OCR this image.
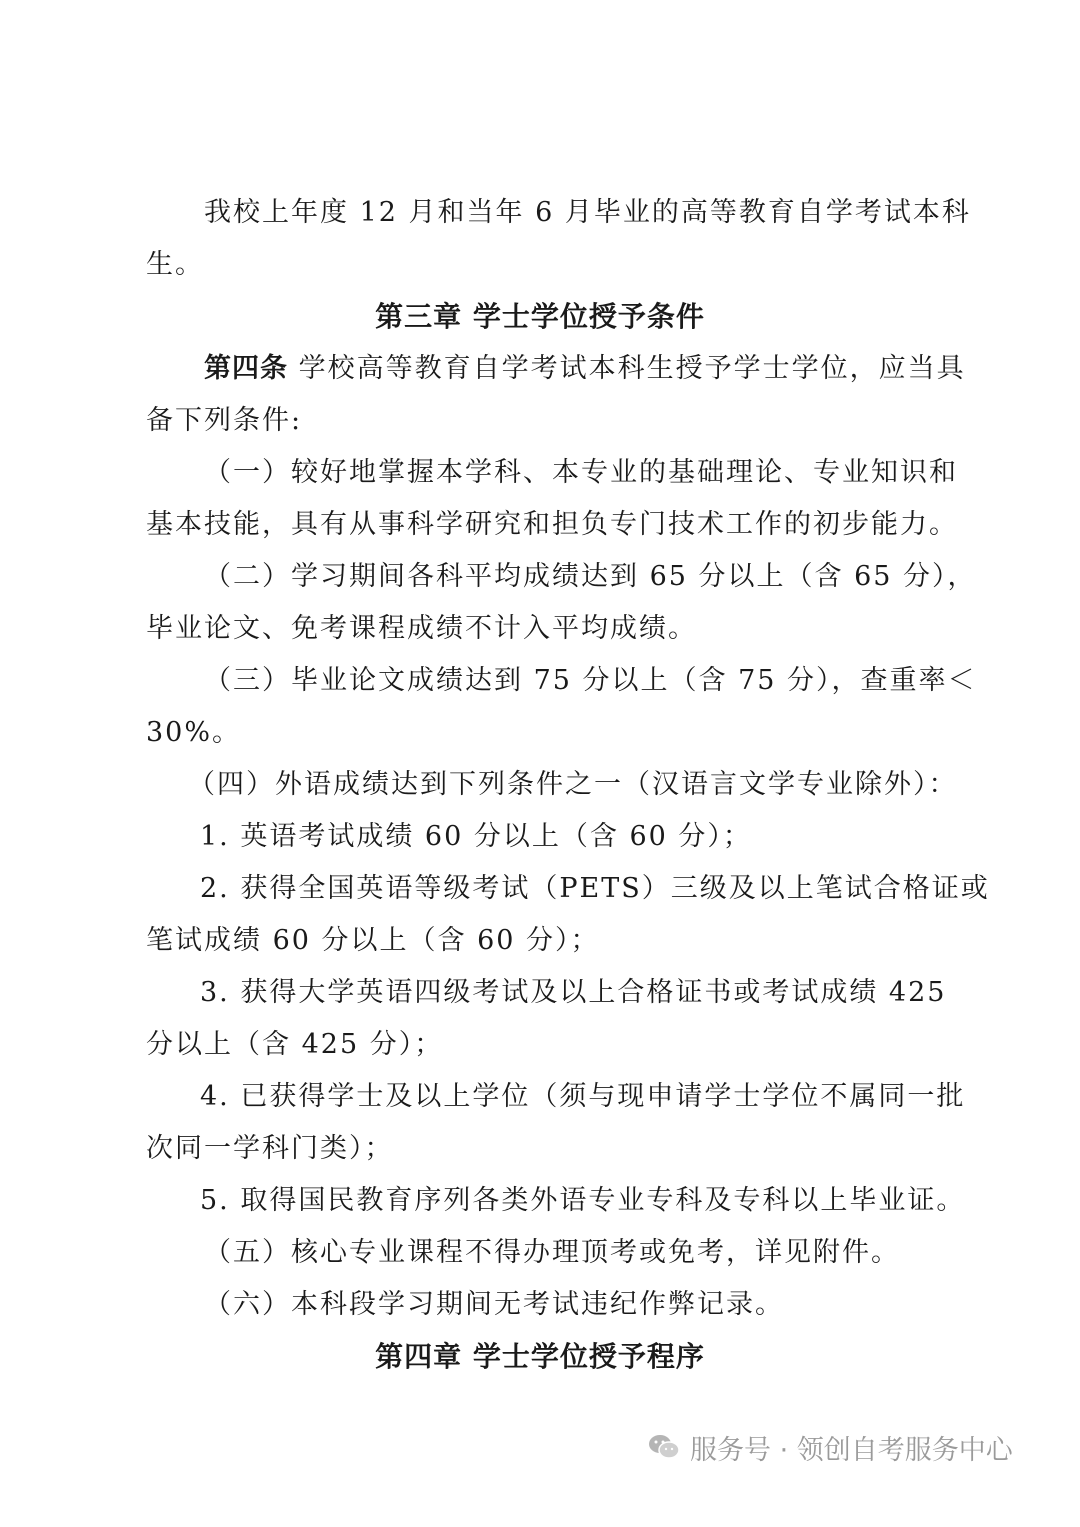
我校上年度 12 月和当年 6 月毕业的高等教育自学考试本科
生。
第三章 学士学位授予条件
第四条 学校高等教育自学考试本科生授予学士学位，应当具
备下列条件:
（一）较好地掌握本学科、本专业的基础理论、专业知识和
基本技能，具有从事科学研究和担负专门技术工作的初步能力。
（二）学习期间各科平均成绩达到 65 分以上（含 65 分），
毕业论文、免考课程成绩不计入平均成绩。
（三）毕业论文成绩达到 75 分以上（含 75 分），查重率＜
30%。
（四）外语成绩达到下列条件之一（汉语言文学专业除外）：
1. 英语考试成绩 60 分以上（含 60 分）；
2. 获得全国英语等级考试（PETS）三级及以上笔试合格证或
笔试成绩 60 分以上（含 60 分）；
3. 获得大学英语四级考试及以上合格证书或考试成绩 425
分以上（含 425 分）；
4. 已获得学士及以上学位（须与现申请学士学位不属同一批
次同一学科门类）；
5. 取得国民教育序列各类外语专业专科及专科以上毕业证。
（五）核心专业课程不得办理顶考或免考，详见附件。
（六）本科段学习期间无考试违纪作弊记录。
第四章 学士学位授予程序
服务号 · 领创自考服务中心
